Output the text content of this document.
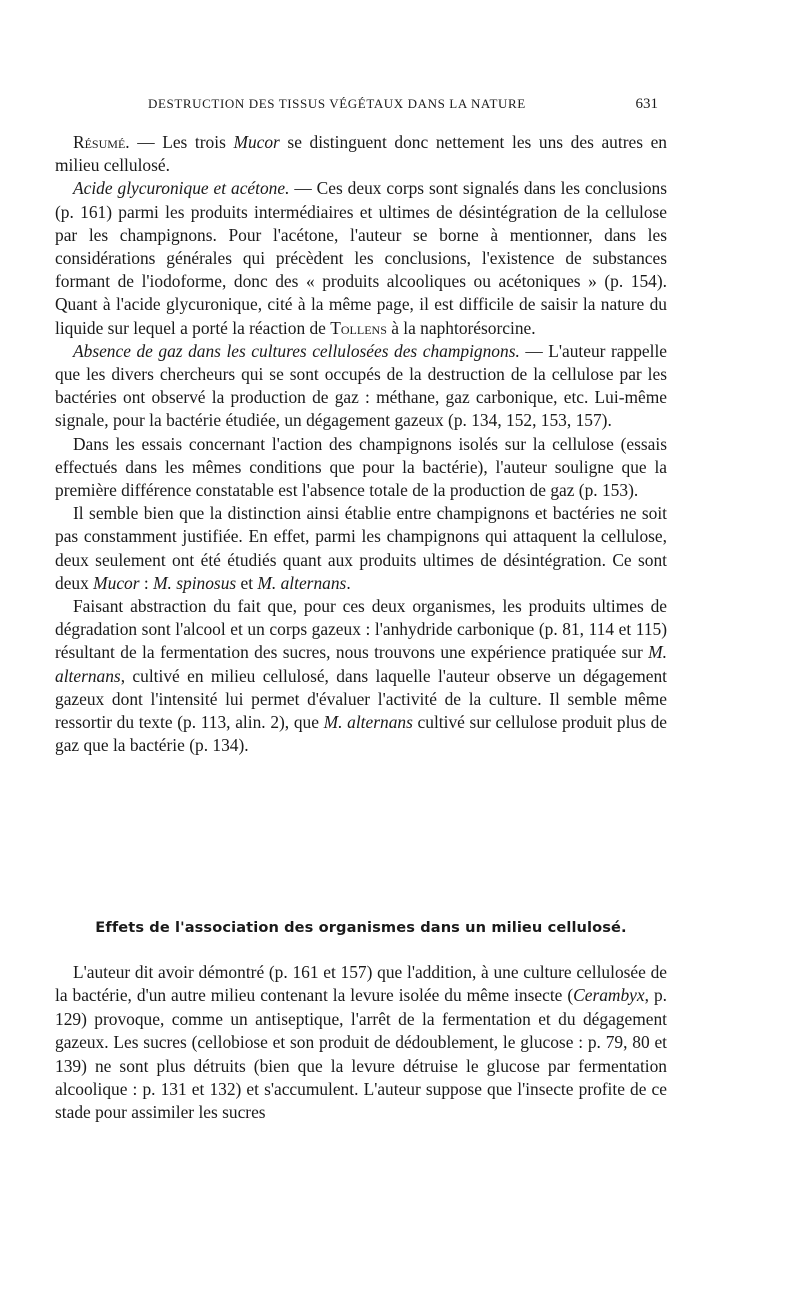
DESTRUCTION DES TISSUS VÉGÉTAUX DANS LA NATURE	631

Résumé. — Les trois Mucor se distinguent donc nettement les uns des autres en milieu cellulosé.

Acide glycuronique et acétone. — Ces deux corps sont signalés dans les conclusions (p. 161) parmi les produits intermédiaires et ultimes de désintégration de la cellulose par les champignons. Pour l'acétone, l'auteur se borne à mentionner, dans les considérations générales qui précèdent les conclusions, l'existence de substances formant de l'iodoforme, donc des « produits alcooliques ou acétoniques » (p. 154). Quant à l'acide glycuronique, cité à la même page, il est difficile de saisir la nature du liquide sur lequel a porté la réaction de Tollens à la naphtorésorcine.

Absence de gaz dans les cultures cellulosées des champignons. — L'auteur rappelle que les divers chercheurs qui se sont occupés de la destruction de la cellulose par les bactéries ont observé la production de gaz : méthane, gaz carbonique, etc. Lui-même signale, pour la bactérie étudiée, un dégagement gazeux (p. 134, 152, 153, 157).

Dans les essais concernant l'action des champignons isolés sur la cellulose (essais effectués dans les mêmes conditions que pour la bactérie), l'auteur souligne que la première différence constatable est l'absence totale de la production de gaz (p. 153).

Il semble bien que la distinction ainsi établie entre champignons et bactéries ne soit pas constamment justifiée. En effet, parmi les champignons qui attaquent la cellulose, deux seulement ont été étudiés quant aux produits ultimes de désintégration. Ce sont deux Mucor : M. spinosus et M. alternans.

Faisant abstraction du fait que, pour ces deux organismes, les produits ultimes de dégradation sont l'alcool et un corps gazeux : l'anhydride carbonique (p. 81, 114 et 115) résultant de la fermentation des sucres, nous trouvons une expérience pratiquée sur M. alternans, cultivé en milieu cellulosé, dans laquelle l'auteur observe un dégagement gazeux dont l'intensité lui permet d'évaluer l'activité de la culture. Il semble même ressortir du texte (p. 113, alin. 2), que M. alternans cultivé sur cellulose produit plus de gaz que la bactérie (p. 134).

Effets de l'association des organismes dans un milieu cellulosé.

L'auteur dit avoir démontré (p. 161 et 157) que l'addition, à une culture cellulosée de la bactérie, d'un autre milieu contenant la levure isolée du même insecte (Cerambyx, p. 129) provoque, comme un antiseptique, l'arrêt de la fermentation et du dégagement gazeux. Les sucres (cellobiose et son produit de dédoublement, le glucose : p. 79, 80 et 139) ne sont plus détruits (bien que la levure détruise le glucose par fermentation alcoolique : p. 131 et 132) et s'accumulent. L'auteur suppose que l'insecte profite de ce stade pour assimiler les sucres
